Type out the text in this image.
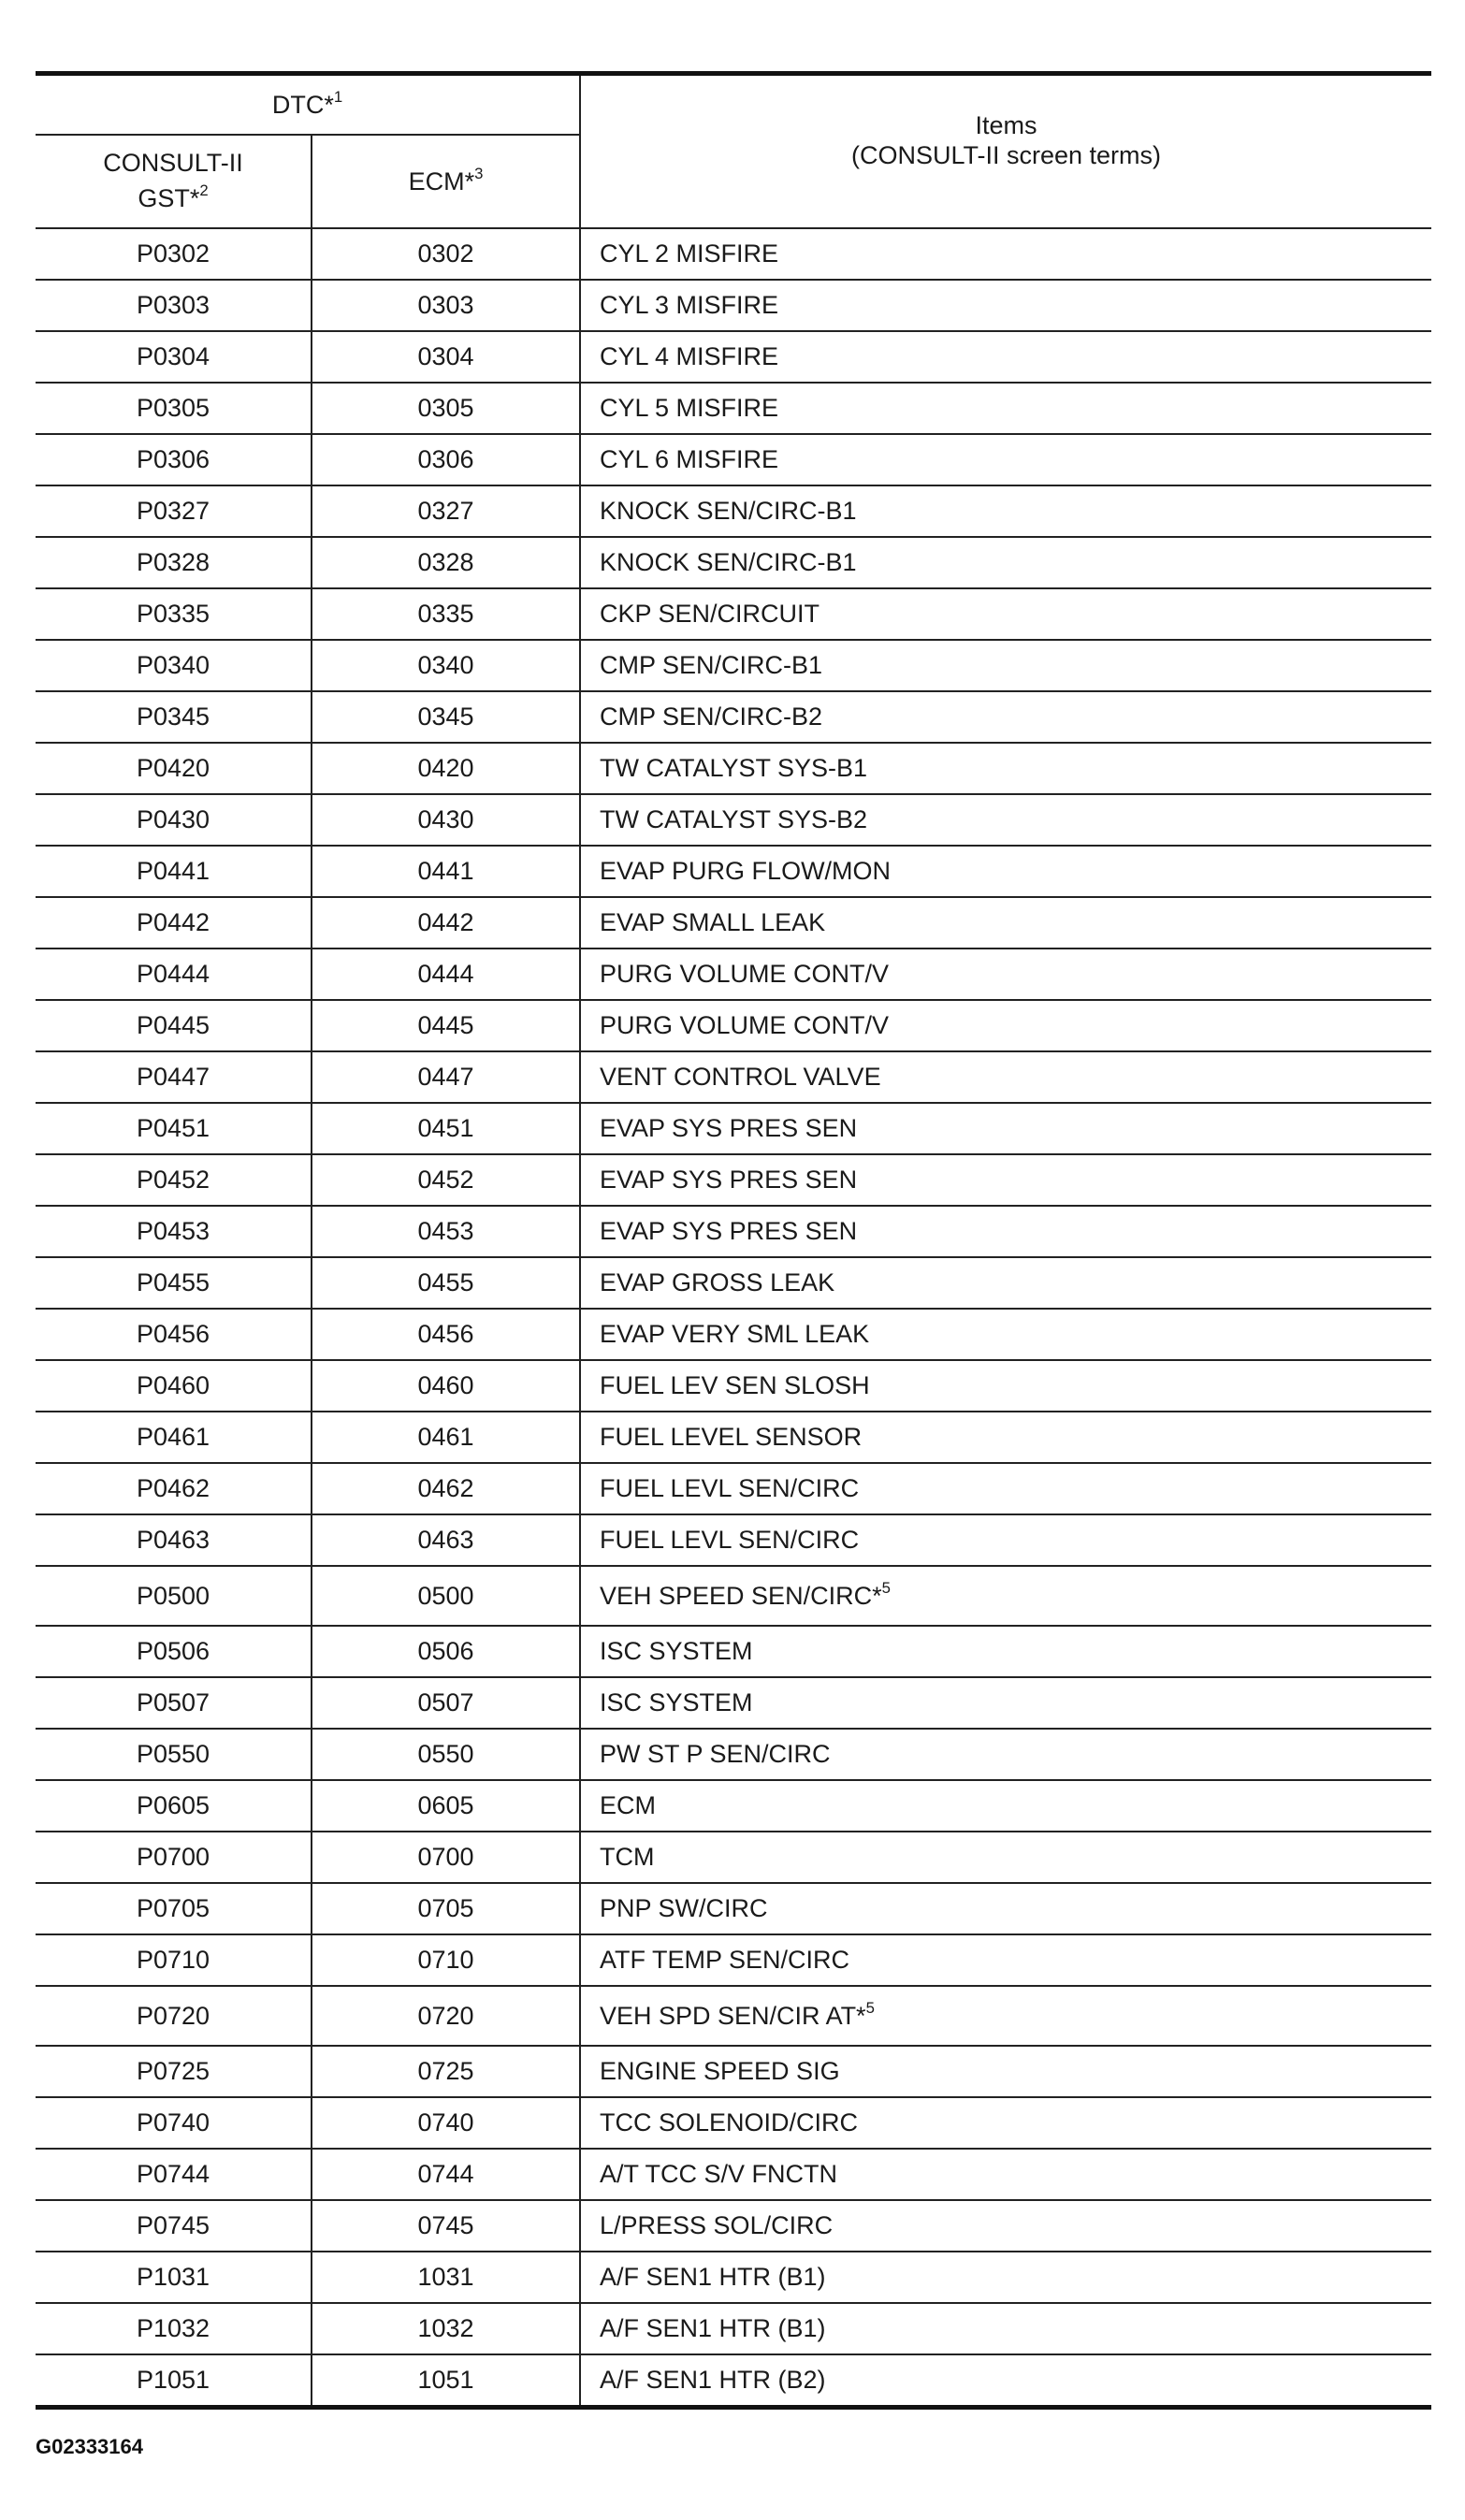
DTC*$^1$		Items
(CONSULT-II screen terms)

CONSULT-II
GST*$^2$	ECM*$^3$
P0302	0302	CYL 2 MISFIRE
P0303	0303	CYL 3 MISFIRE
P0304	0304	CYL 4 MISFIRE
P0305	0305	CYL 5 MISFIRE
P0306	0306	CYL 6 MISFIRE
P0327	0327	KNOCK SEN/CIRC-B1
P0328	0328	KNOCK SEN/CIRC-B1
P0335	0335	CKP SEN/CIRCUIT
P0340	0340	CMP SEN/CIRC-B1
P0345	0345	CMP SEN/CIRC-B2
P0420	0420	TW CATALYST SYS-B1
P0430	0430	TW CATALYST SYS-B2
P0441	0441	EVAP PURG FLOW/MON
P0442	0442	EVAP SMALL LEAK
P0444	0444	PURG VOLUME CONT/V
P0445	0445	PURG VOLUME CONT/V
P0447	0447	VENT CONTROL VALVE
P0451	0451	EVAP SYS PRES SEN
P0452	0452	EVAP SYS PRES SEN
P0453	0453	EVAP SYS PRES SEN
P0455	0455	EVAP GROSS LEAK
P0456	0456	EVAP VERY SML LEAK
P0460	0460	FUEL LEV SEN SLOSH
P0461	0461	FUEL LEVEL SENSOR
P0462	0462	FUEL LEVL SEN/CIRC
P0463	0463	FUEL LEVL SEN/CIRC
P0500	0500	VEH SPEED SEN/CIRC*$^5$
P0506	0506	ISC SYSTEM
P0507	0507	ISC SYSTEM
P0550	0550	PW ST P SEN/CIRC
P0605	0605	ECM
P0700	0700	TCM
P0705	0705	PNP SW/CIRC
P0710	0710	ATF TEMP SEN/CIRC
P0720	0720	VEH SPD SEN/CIR AT*$^5$
P0725	0725	ENGINE SPEED SIG
P0740	0740	TCC SOLENOID/CIRC
P0744	0744	A/T TCC S/V FNCTN
P0745	0745	L/PRESS SOL/CIRC
P1031	1031	A/F SEN1 HTR (B1)
P1032	1032	A/F SEN1 HTR (B1)
P1051	1051	A/F SEN1 HTR (B2)
G02333164
